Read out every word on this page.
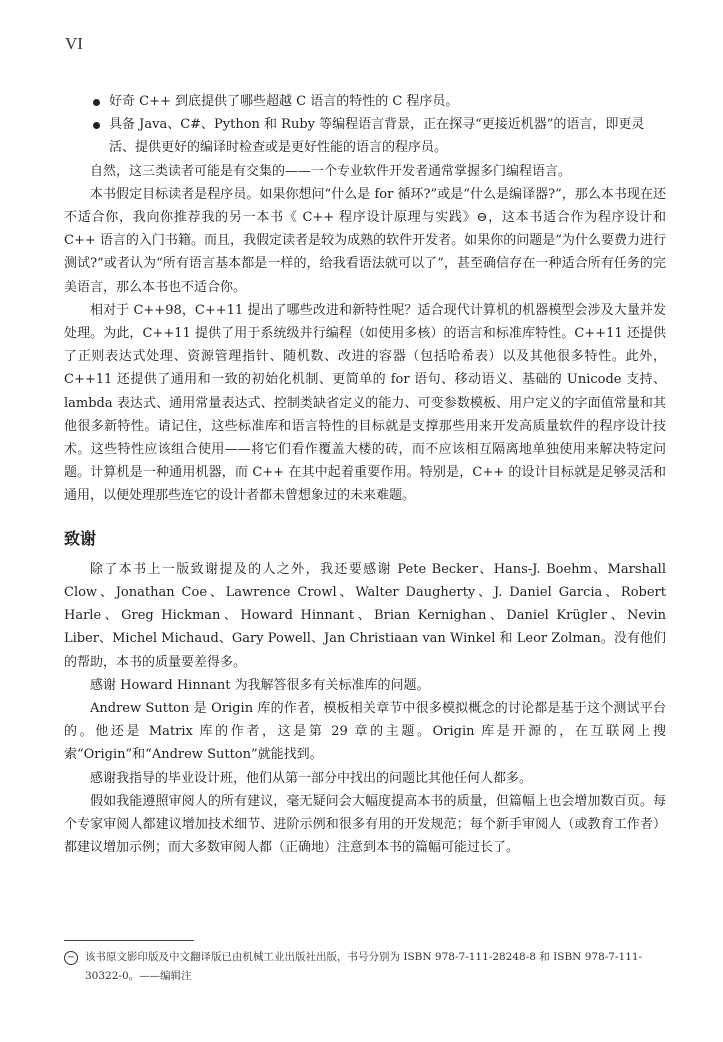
VI
好奇 C++ 到底提供了哪些超越 C 语言的特性的 C 程序员。
具备 Java、C#、Python 和 Ruby 等编程语言背景，正在探寻“更接近机器”的语言，即更灵活、提供更好的编译时检查或是更好性能的语言的程序员。

自然，这三类读者可能是有交集的——一个专业软件开发者通常掌握多门编程语言。

本书假定目标读者是程序员。如果你想问“什么是 for 循环?”或是“什么是编译器?”，那么本书现在还不适合你，我向你推荐我的另一本书《 C++ 程序设计原理与实践》⊖，这本书适合作为程序设计和 C++ 语言的入门书籍。而且，我假定读者是较为成熟的软件开发者。如果你的问题是“为什么要费力进行测试?”或者认为“所有语言基本都是一样的，给我看语法就可以了”，甚至确信存在一种适合所有任务的完美语言，那么本书也不适合你。

相对于 C++98，C++11 提出了哪些改进和新特性呢？适合现代计算机的机器模型会涉及大量并发处理。为此，C++11 提供了用于系统级并行编程（如使用多核）的语言和标准库特性。C++11 还提供了正则表达式处理、资源管理指针、随机数、改进的容器（包括哈希表）以及其他很多特性。此外，C++11 还提供了通用和一致的初始化机制、更简单的 for 语句、移动语义、基础的 Unicode 支持、lambda 表达式、通用常量表达式、控制类缺省定义的能力、可变参数模板、用户定义的字面值常量和其他很多新特性。请记住，这些标准库和语言特性的目标就是支撑那些用来开发高质量软件的程序设计技术。这些特性应该组合使用——将它们看作覆盖大楼的砖，而不应该相互隔离地单独使用来解决特定问题。计算机是一种通用机器，而 C++ 在其中起着重要作用。特别是，C++ 的设计目标就是足够灵活和通用，以便处理那些连它的设计者都未曾想象过的未来难题。

致谢

除了本书上一版致谢提及的人之外，我还要感谢 Pete Becker、Hans-J. Boehm、Marshall Clow、Jonathan Coe、Lawrence Crowl、Walter Daugherty、J. Daniel Garcia、Robert Harle、Greg Hickman、Howard Hinnant、Brian Kernighan、Daniel Krügler、Nevin Liber、Michel Michaud、Gary Powell、Jan Christiaan van Winkel 和 Leor Zolman。没有他们的帮助，本书的质量要差得多。

感谢 Howard Hinnant 为我解答很多有关标准库的问题。

Andrew Sutton 是 Origin 库的作者，模板相关章节中很多模拟概念的讨论都是基于这个测试平台的。他还是 Matrix 库的作者，这是第 29 章的主题。Origin 库是开源的，在互联网上搜索“Origin”和“Andrew Sutton”就能找到。

感谢我指导的毕业设计班，他们从第一部分中找出的问题比其他任何人都多。

假如我能遵照审阅人的所有建议，毫无疑问会大幅度提高本书的质量，但篇幅上也会增加数百页。每个专家审阅人都建议增加技术细节、进阶示例和很多有用的开发规范；每个新手审阅人（或教育工作者）都建议增加示例；而大多数审阅人都（正确地）注意到本书的篇幅可能过长了。

− 该书原文影印版及中文翻译版已由机械工业出版社出版，书号分别为 ISBN 978-7-111-28248-8 和 ISBN 978-7-111-30322-0。——编辑注
